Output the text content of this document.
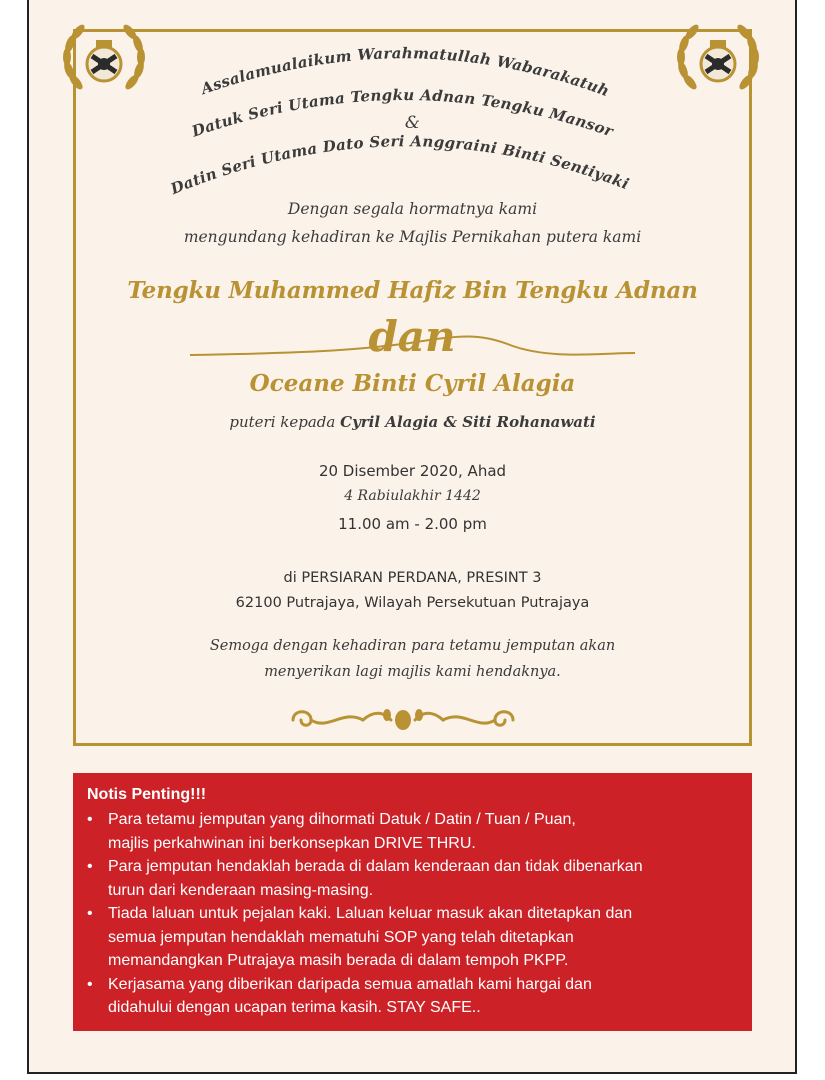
Assalamualaikum Warahmatullah Wabarakatuh
Datuk Seri Utama Tengku Adnan Tengku Mansor
Datin Seri Utama Dato Seri Anggraini Binti Sentiyaki
&
Dengan segala hormatnya kami
mengundang kehadiran ke Majlis Pernikahan putera kami
Tengku Muhammed Hafiz Bin Tengku Adnan
dan
Oceane Binti Cyril Alagia
puteri kepada Cyril Alagia & Siti Rohanawati
20 Disember 2020, Ahad
4 Rabiulakhir 1442
11.00 am - 2.00 pm
di PERSIARAN PERDANA, PRESINT 3
62100 Putrajaya, Wilayah Persekutuan Putrajaya
Semoga dengan kehadiran para tetamu jemputan akan
menyerikan lagi majlis kami hendaknya.
Notis Penting!!!
• Para tetamu jemputan yang dihormati Datuk / Datin / Tuan / Puan,
majlis perkahwinan ini berkonsepkan DRIVE THRU.
• Para jemputan hendaklah berada di dalam kenderaan dan tidak dibenarkan
turun dari kenderaan masing-masing.
• Tiada laluan untuk pejalan kaki. Laluan keluar masuk akan ditetapkan dan
semua jemputan hendaklah mematuhi SOP yang telah ditetapkan
memandangkan Putrajaya masih berada di dalam tempoh PKPP.
• Kerjasama yang diberikan daripada semua amatlah kami hargai dan
didahului dengan ucapan terima kasih. STAY SAFE..
